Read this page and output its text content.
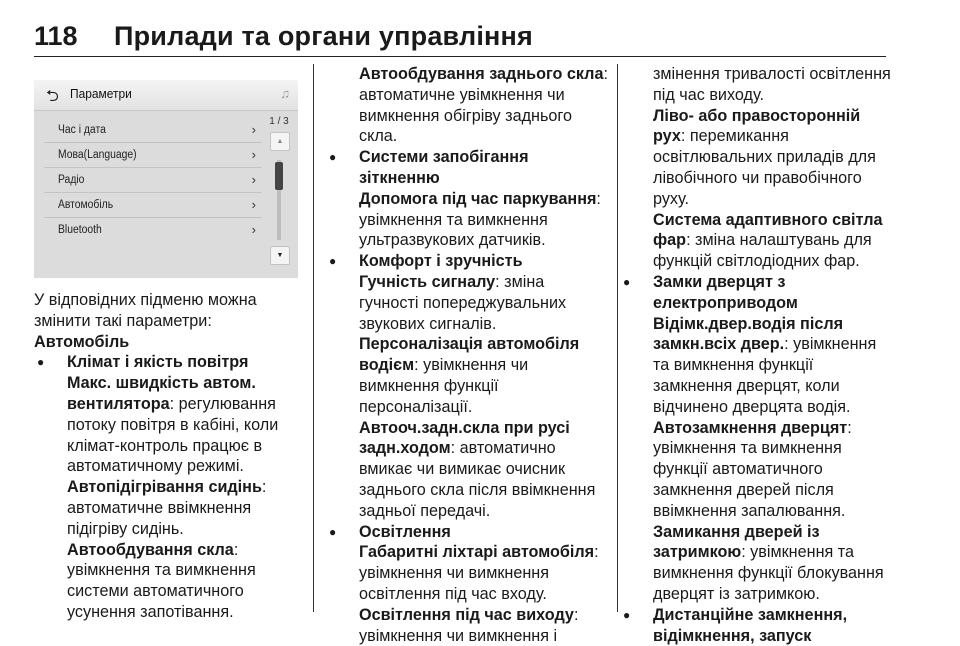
118 Прилади та органи управління
⮌ Параметри	♫
Час і дата	›
Мова(Language)	›
Радіо	›
Автомобіль	›
Bluetooth	›
1 / 3
▲
▼

У відповідних підменю можна змінити такі параметри:

Автомобіль

● Клімат і якість повітря

Макс. швидкість автом. вентилятора: регулювання потоку повітря в кабіні, коли клімат-контроль працює в автоматичному режимі.

Автопідігрівання сидінь: автоматичне ввімкнення підігріву сидінь.

Автообдування скла: увімкнення та вимкнення системи автоматичного усунення запотівання.

Автообдування заднього скла: автоматичне увімкнення чи вимкнення обігріву заднього скла.

● Системи запобігання зіткненню

Допомога під час паркування: увімкнення та вимкнення ультразвукових датчиків.

● Комфорт і зручність

Гучність сигналу: зміна гучності попереджувальних звукових сигналів.

Персоналізація автомобіля водієм: увімкнення чи вимкнення функції персоналізації.

Автооч.задн.скла при русі задн.ходом: автоматично вмикає чи вимикає очисник заднього скла після ввімкнення задньої передачі.

● Освітлення

Габаритні ліхтарі автомобіля: увімкнення чи вимкнення освітлення під час входу.

Освітлення під час виходу: увімкнення чи вимкнення і

змінення тривалості освітлення під час виходу.

Ліво- або правосторонній рух: перемикання освітлювальних приладів для лівобічного чи правобічного руху.

Система адаптивного світла фар: зміна налаштувань для функцій світлодіодних фар.

● Замки дверцят з електроприводом

Відімк.двер.водія після замкн.всіх двер.: увімкнення та вимкнення функції замкнення дверцят, коли відчинено дверцята водія.

Автозамкнення дверцят: увімкнення та вимкнення функції автоматичного замкнення дверей після ввімкнення запалювання.

Замикання дверей із затримкою: увімкнення та вимкнення функції блокування дверцят із затримкою.

● Дистанційне замкнення, відімкнення, запуск
